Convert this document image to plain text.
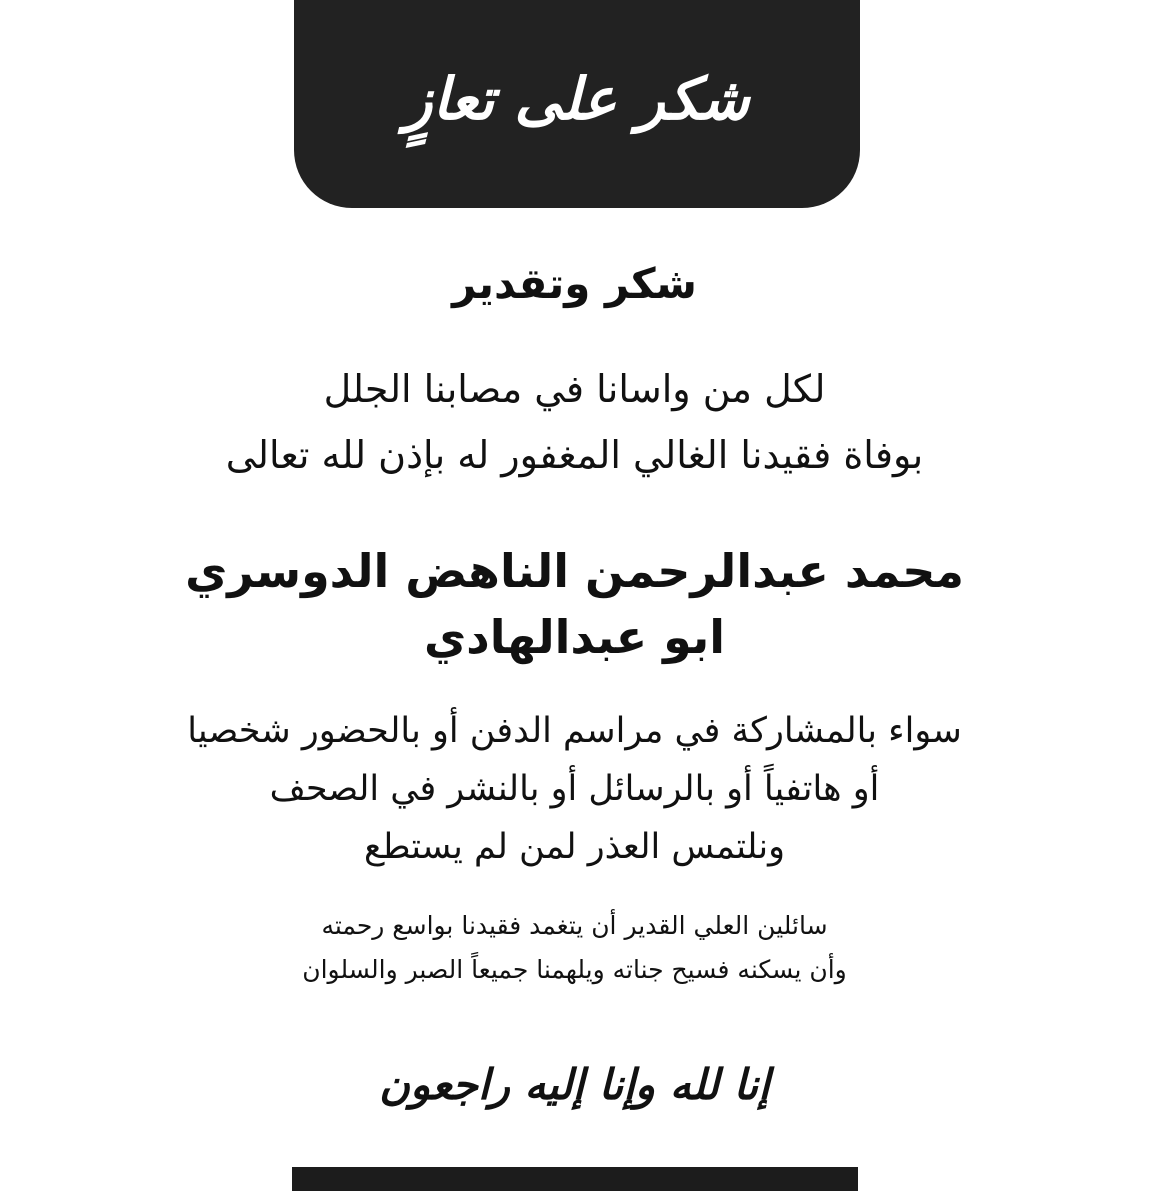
شكر على تعازٍ
شكر وتقدير
لكل من واسانا في مصابنا الجلل
بوفاة فقيدنا الغالي المغفور له بإذن لله تعالى
محمد عبدالرحمن الناهض الدوسري
ابو عبدالهادي
سواء بالمشاركة في مراسم الدفن أو بالحضور شخصيا
أو هاتفياً أو بالرسائل أو بالنشر في الصحف
ونلتمس العذر لمن لم يستطع
سائلين العلي القدير أن يتغمد فقيدنا بواسع رحمته
وأن يسكنه فسيح جناته ويلهمنا جميعاً الصبر والسلوان
إنا لله وإنا إليه راجعون
